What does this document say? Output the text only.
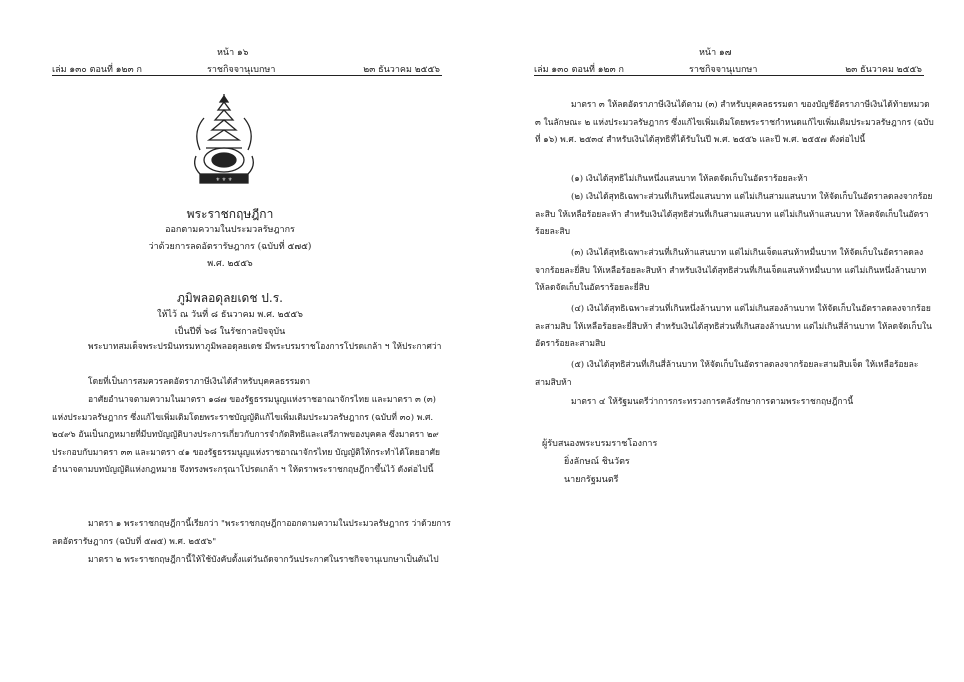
หน้า ๑๖
เล่ม ๑๓๐ ตอนที่ ๑๒๓ ก	ราชกิจจานุเบกษา	๒๓ ธันวาคม ๒๕๕๖
⚜ ⚜ ⚜
พระราชกฤษฎีกา
ออกตามความในประมวลรัษฎากร
ว่าด้วยการลดอัตรารัษฎากร (ฉบับที่ ๕๗๕)
พ.ศ. ๒๕๕๖
ภูมิพลอดุลยเดช ป.ร.
ให้ไว้ ณ วันที่ ๘ ธันวาคม พ.ศ. ๒๕๕๖
เป็นปีที่ ๖๘ ในรัชกาลปัจจุบัน

พระบาทสมเด็จพระปรมินทรมหาภูมิพลอดุลยเดช มีพระบรมราชโองการโปรดเกล้า ฯ ให้ประกาศว่า

โดยที่เป็นการสมควรลดอัตราภาษีเงินได้สำหรับบุคคลธรรมดา

อาศัยอำนาจตามความในมาตรา ๑๘๗ ของรัฐธรรมนูญแห่งราชอาณาจักรไทย และมาตรา ๓ (๓) แห่งประมวลรัษฎากร ซึ่งแก้ไขเพิ่มเติมโดยพระราชบัญญัติแก้ไขเพิ่มเติมประมวลรัษฎากร (ฉบับที่ ๓๐) พ.ศ. ๒๔๙๖ อันเป็นกฎหมายที่มีบทบัญญัติบางประการเกี่ยวกับการจำกัดสิทธิและเสรีภาพของบุคคล ซึ่งมาตรา ๒๙ ประกอบกับมาตรา ๓๓ และมาตรา ๔๑ ของรัฐธรรมนูญแห่งราชอาณาจักรไทย บัญญัติให้กระทำได้โดยอาศัยอำนาจตามบทบัญญัติแห่งกฎหมาย จึงทรงพระกรุณาโปรดเกล้า ฯ ให้ตราพระราชกฤษฎีกาขึ้นไว้ ดังต่อไปนี้

มาตรา ๑ พระราชกฤษฎีกานี้เรียกว่า "พระราชกฤษฎีกาออกตามความในประมวลรัษฎากร ว่าด้วยการลดอัตรารัษฎากร (ฉบับที่ ๕๗๕) พ.ศ. ๒๕๕๖"

มาตรา ๒ พระราชกฤษฎีกานี้ให้ใช้บังคับตั้งแต่วันถัดจากวันประกาศในราชกิจจานุเบกษาเป็นต้นไป

หน้า ๑๗
เล่ม ๑๓๐ ตอนที่ ๑๒๓ ก	ราชกิจจานุเบกษา	๒๓ ธันวาคม ๒๕๕๖

มาตรา ๓ ให้ลดอัตราภาษีเงินได้ตาม (๓) สำหรับบุคคลธรรมดา ของบัญชีอัตราภาษีเงินได้ท้ายหมวด ๓ ในลักษณะ ๒ แห่งประมวลรัษฎากร ซึ่งแก้ไขเพิ่มเติมโดยพระราชกำหนดแก้ไขเพิ่มเติมประมวลรัษฎากร (ฉบับที่ ๑๖) พ.ศ. ๒๕๓๔ สำหรับเงินได้สุทธิที่ได้รับในปี พ.ศ. ๒๕๕๖ และปี พ.ศ. ๒๕๕๗ ดังต่อไปนี้

(๑) เงินได้สุทธิไม่เกินหนึ่งแสนบาท ให้ลดจัดเก็บในอัตราร้อยละห้า

(๒) เงินได้สุทธิเฉพาะส่วนที่เกินหนึ่งแสนบาท แต่ไม่เกินสามแสนบาท ให้จัดเก็บในอัตราลดลงจากร้อยละสิบ ให้เหลือร้อยละห้า สำหรับเงินได้สุทธิส่วนที่เกินสามแสนบาท แต่ไม่เกินห้าแสนบาท ให้ลดจัดเก็บในอัตราร้อยละสิบ

(๓) เงินได้สุทธิเฉพาะส่วนที่เกินห้าแสนบาท แต่ไม่เกินเจ็ดแสนห้าหมื่นบาท ให้จัดเก็บในอัตราลดลงจากร้อยละยี่สิบ ให้เหลือร้อยละสิบห้า สำหรับเงินได้สุทธิส่วนที่เกินเจ็ดแสนห้าหมื่นบาท แต่ไม่เกินหนึ่งล้านบาท ให้ลดจัดเก็บในอัตราร้อยละยี่สิบ

(๔) เงินได้สุทธิเฉพาะส่วนที่เกินหนึ่งล้านบาท แต่ไม่เกินสองล้านบาท ให้จัดเก็บในอัตราลดลงจากร้อยละสามสิบ ให้เหลือร้อยละยี่สิบห้า สำหรับเงินได้สุทธิส่วนที่เกินสองล้านบาท แต่ไม่เกินสี่ล้านบาท ให้ลดจัดเก็บในอัตราร้อยละสามสิบ

(๕) เงินได้สุทธิส่วนที่เกินสี่ล้านบาท ให้จัดเก็บในอัตราลดลงจากร้อยละสามสิบเจ็ด ให้เหลือร้อยละสามสิบห้า

มาตรา ๔ ให้รัฐมนตรีว่าการกระทรวงการคลังรักษาการตามพระราชกฤษฎีกานี้

ผู้รับสนองพระบรมราชโองการ
ยิ่งลักษณ์ ชินวัตร
นายกรัฐมนตรี
